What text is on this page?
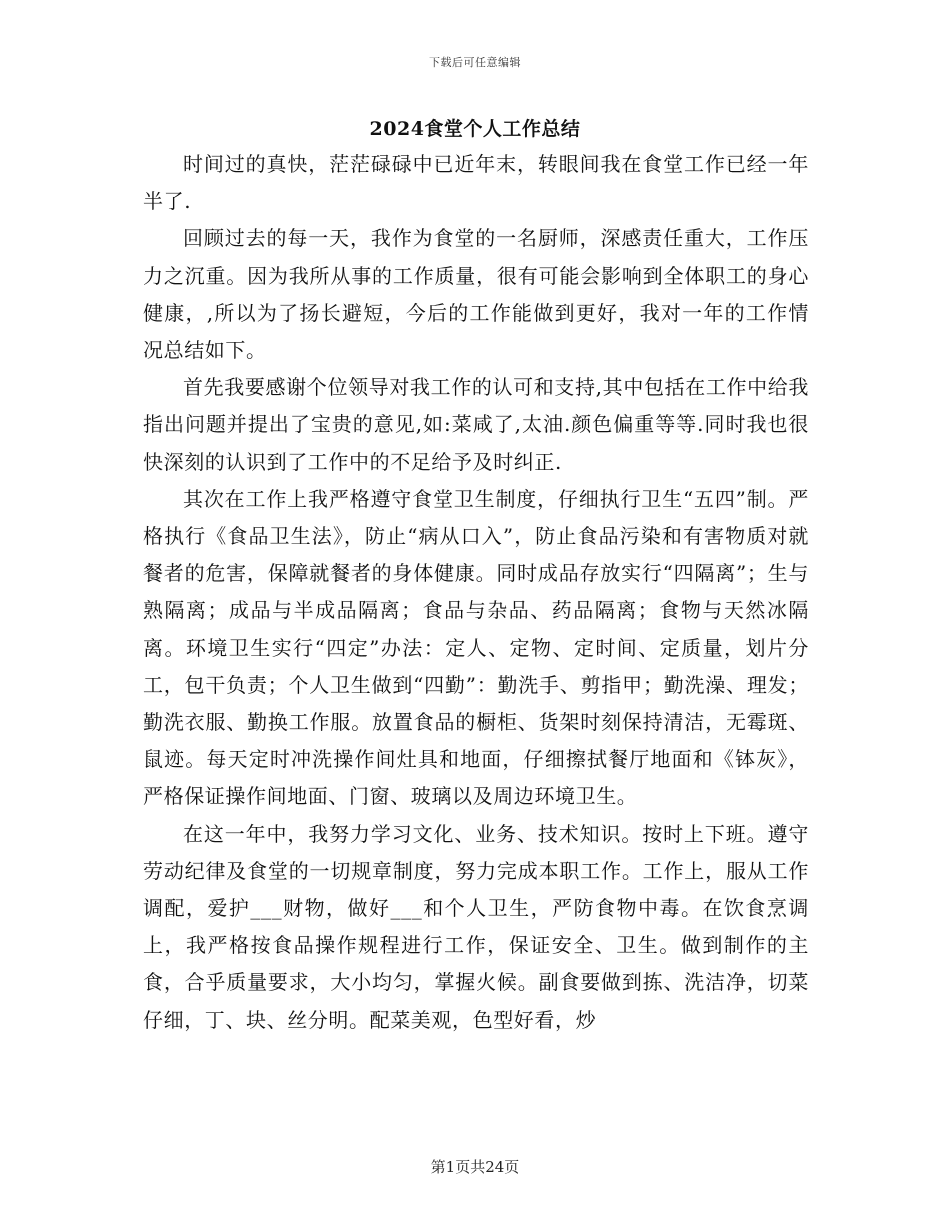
下载后可任意编辑
2024食堂个人工作总结

时间过的真快，茫茫碌碌中已近年末，转眼间我在食堂工作已经一年半了.

回顾过去的每一天，我作为食堂的一名厨师，深感责任重大，工作压力之沉重。因为我所从事的工作质量，很有可能会影响到全体职工的身心健康，,所以为了扬长避短，今后的工作能做到更好，我对一年的工作情况总结如下。

首先我要感谢个位领导对我工作的认可和支持,其中包括在工作中给我指出问题并提出了宝贵的意见,如:菜咸了,太油.颜色偏重等等.同时我也很快深刻的认识到了工作中的不足给予及时纠正.

其次在工作上我严格遵守食堂卫生制度，仔细执行卫生“五四”制。严格执行《食品卫生法》，防止“病从口入”，防止食品污染和有害物质对就餐者的危害，保障就餐者的身体健康。同时成品存放实行“四隔离”；生与熟隔离；成品与半成品隔离；食品与杂品、药品隔离；食物与天然冰隔离。环境卫生实行“四定”办法：定人、定物、定时间、定质量，划片分工，包干负责；个人卫生做到“四勤”：勤洗手、剪指甲；勤洗澡、理发；勤洗衣服、勤换工作服。放置食品的橱柜、货架时刻保持清洁，无霉斑、鼠迹。每天定时冲洗操作间灶具和地面，仔细擦拭餐厅地面和《钵灰》，严格保证操作间地面、门窗、玻璃以及周边环境卫生。

在这一年中，我努力学习文化、业务、技术知识。按时上下班。遵守劳动纪律及食堂的一切规章制度，努力完成本职工作。工作上，服从工作调配，爱护___财物，做好___和个人卫生，严防食物中毒。在饮食烹调上，我严格按食品操作规程进行工作，保证安全、卫生。做到制作的主食，合乎质量要求，大小均匀，掌握火候。副食要做到拣、洗洁净，切菜仔细，丁、块、丝分明。配菜美观，色型好看，炒

第1页共24页
